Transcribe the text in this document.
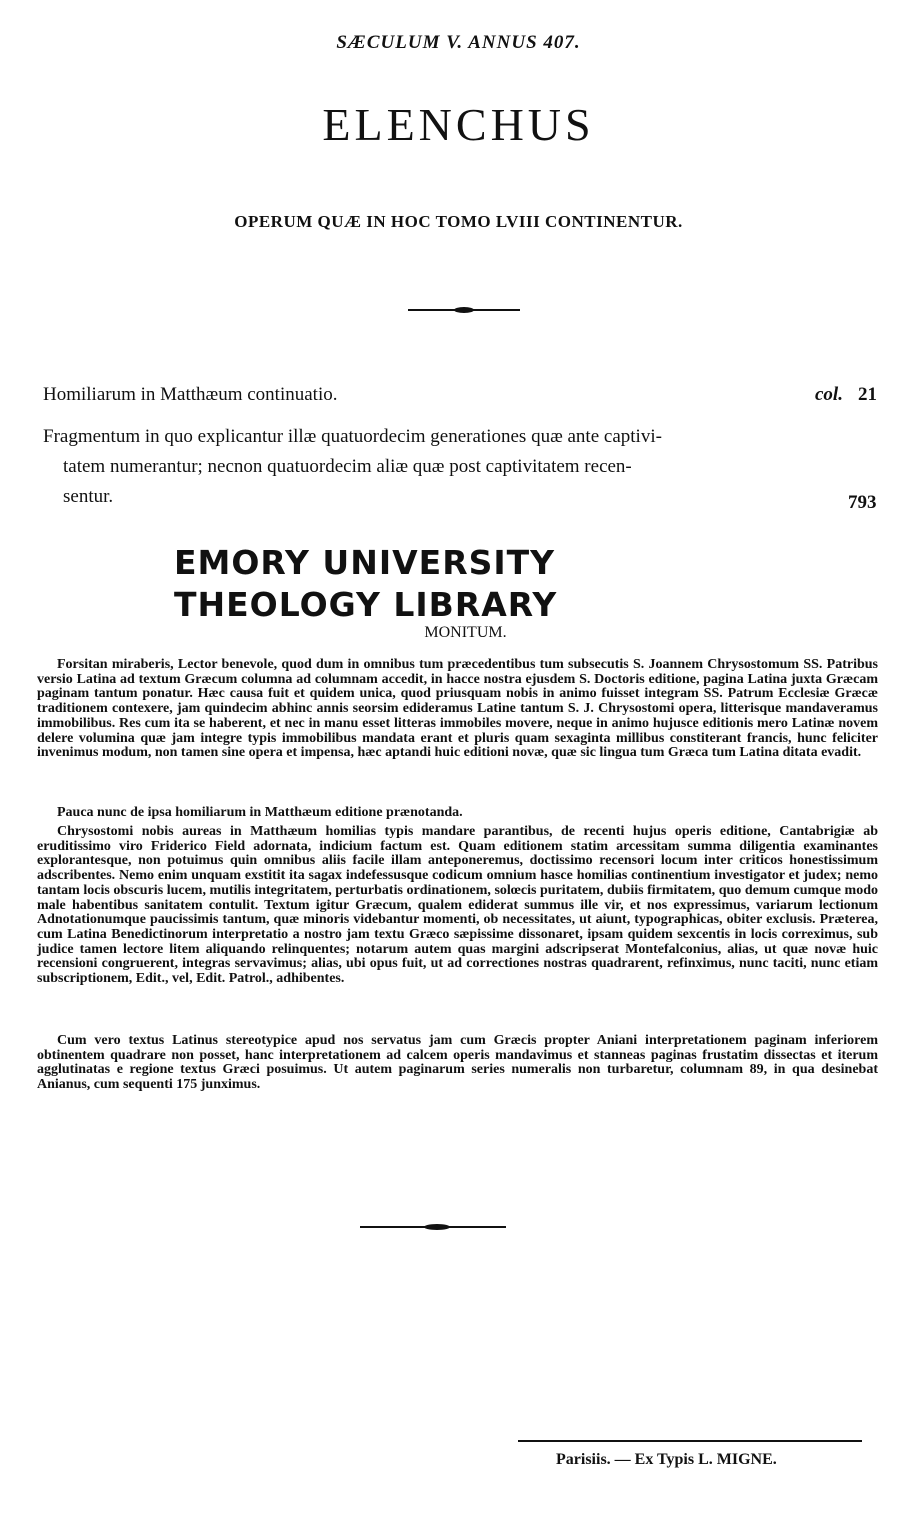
SÆCULUM V. ANNUS 407.
ELENCHUS
OPERUM QUÆ IN HOC TOMO LVIII CONTINENTUR.
Homiliarum in Matthæum continuatio.	col. 21
Fragmentum in quo explicantur illæ quatuordecim generationes quæ ante captivi-
tatem numerantur; necnon quatuordecim aliæ quæ post captivitatem recen-
sentur.	793
EMORY UNIVERSITY
THEOLOGY LIBRARY
MONITUM.

Forsitan miraberis, Lector benevole, quod dum in omnibus tum præcedentibus tum subsecutis S. Joannem Chrysostomum SS. Patribus versio Latina ad textum Græcum columna ad columnam accedit, in hacce nostra ejusdem S. Doctoris editione, pagina Latina juxta Græcam paginam tantum ponatur. Hæc causa fuit et quidem unica, quod priusquam nobis in animo fuisset integram SS. Patrum Ecclesiæ Græcæ traditionem contexere, jam quindecim abhinc annis seorsim edideramus Latine tantum S. J. Chrysostomi opera, litterisque mandaveramus immobilibus. Res cum ita se haberent, et nec in manu esset litteras immobiles movere, neque in animo hujusce editionis mero Latinæ novem delere volumina quæ jam integre typis immobilibus mandata erant et pluris quam sexaginta millibus constiterant francis, hunc feliciter invenimus modum, non tamen sine opera et impensa, hæc aptandi huic editioni novæ, quæ sic lingua tum Græca tum Latina ditata evadit.

Pauca nunc de ipsa homiliarum in Matthæum editione prænotanda.

Chrysostomi nobis aureas in Matthæum homilias typis mandare parantibus, de recenti hujus operis editione, Cantabrigiæ ab eruditissimo viro Friderico Field adornata, indicium factum est. Quam editionem statim arcessitam summa diligentia examinantes explorantesque, non potuimus quin omnibus aliis facile illam anteponeremus, doctissimo recensori locum inter criticos honestissimum adscribentes. Nemo enim unquam exstitit ita sagax indefessusque codicum omnium hasce homilias continentium investigator et judex; nemo tantam locis obscuris lucem, mutilis integritatem, perturbatis ordinationem, solœcis puritatem, dubiis firmitatem, quo demum cumque modo male habentibus sanitatem contulit. Textum igitur Græcum, qualem ediderat summus ille vir, et nos expressimus, variarum lectionum Adnotationumque paucissimis tantum, quæ minoris videbantur momenti, ob necessitates, ut aiunt, typographicas, obiter exclusis. Præterea, cum Latina Benedictinorum interpretatio a nostro jam textu Græco sæpissime dissonaret, ipsam quidem sexcentis in locis correximus, sub judice tamen lectore litem aliquando relinquentes; notarum autem quas margini adscripserat Montefalconius, alias, ut quæ novæ huic recensioni congruerent, integras servavimus; alias, ubi opus fuit, ut ad correctiones nostras quadrarent, refinximus, nunc taciti, nunc etiam subscriptionem, Edit., vel, Edit. Patrol., adhibentes.

Cum vero textus Latinus stereotypice apud nos servatus jam cum Græcis propter Aniani interpretationem paginam inferiorem obtinentem quadrare non posset, hanc interpretationem ad calcem operis mandavimus et stanneas paginas frustatim dissectas et iterum agglutinatas e regione textus Græci posuimus. Ut autem paginarum series numeralis non turbaretur, columnam 89, in qua desinebat Anianus, cum sequenti 175 junximus.

Parisiis. — Ex Typis L. MIGNE.
